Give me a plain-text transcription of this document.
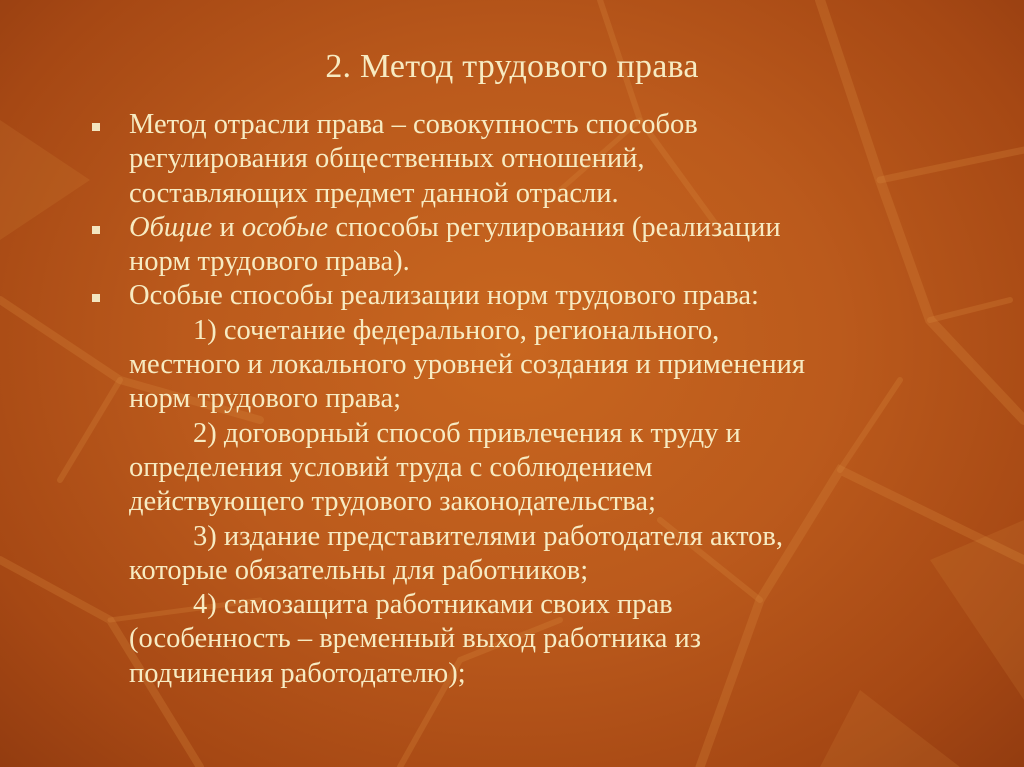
2. Метод трудового права
Метод отрасли права – совокупность способов
регулирования общественных отношений,
составляющих предмет данной отрасли.
Общие и особые способы регулирования (реализации
норм трудового права).
Особые способы реализации норм трудового права:
1) сочетание федерального, регионального,
местного и локального уровней создания и применения
норм трудового права;
2) договорный способ привлечения к труду и
определения условий труда с соблюдением
действующего трудового законодательства;
3) издание представителями работодателя актов,
которые обязательны для работников;
4) самозащита работниками своих прав
(особенность – временный выход работника из
подчинения работодателю);
